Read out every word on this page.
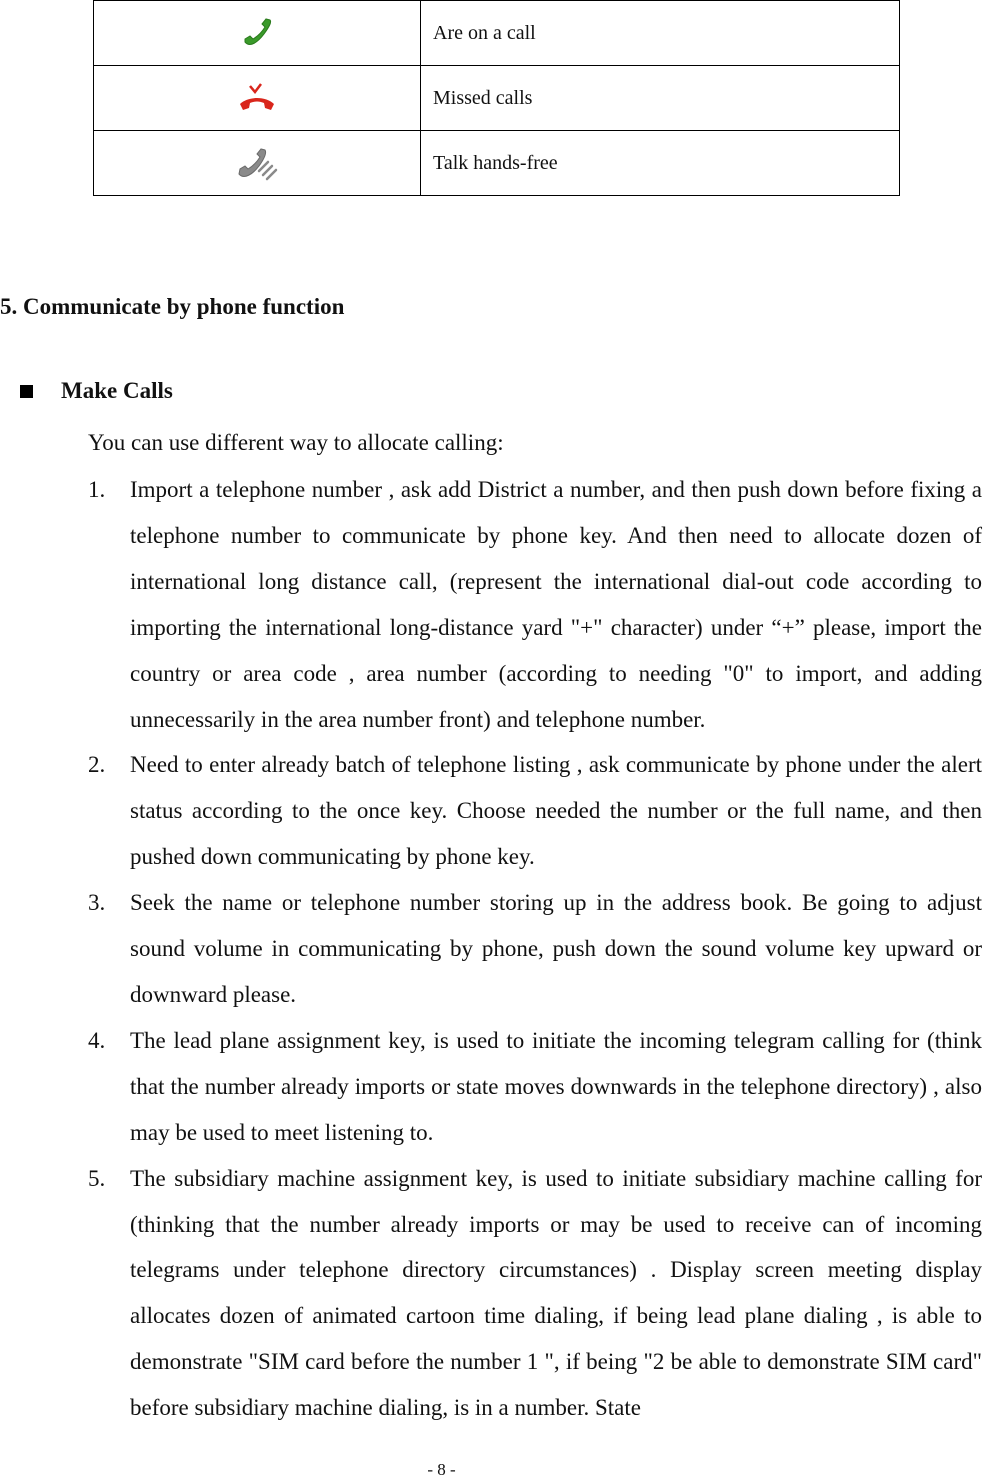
	Are on a call
	Missed calls
	Talk hands-free
5. Communicate by phone function
Make Calls

You can use different way to allocate calling:

1. Import a telephone number , ask add District a number, and then push down before fixing a telephone number to communicate by phone key. And then need to allocate dozen of international long distance call, (represent the international dial-out code according to importing the international long-distance yard "+" character) under “+” please, import the country or area code , area number (according to needing "0" to import, and adding unnecessarily in the area number front) and telephone number.
2. Need to enter already batch of telephone listing , ask communicate by phone under the alert status according to the once key. Choose needed the number or the full name, and then pushed down communicating by phone key.
3. Seek the name or telephone number storing up in the address book. Be going to adjust sound volume in communicating by phone, push down the sound volume key upward or downward please.
4. The lead plane assignment key, is used to initiate the incoming telegram calling for (think that the number already imports or state moves downwards in the telephone directory) , also may be used to meet listening to.
5. The subsidiary machine assignment key, is used to initiate subsidiary machine calling for (thinking that the number already imports or may be used to receive can of incoming telegrams under telephone directory circumstances) . Display screen meeting display allocates dozen of animated cartoon time dialing, if being lead plane dialing , is able to demonstrate "SIM card before the number 1 ", if being "2 be able to demonstrate SIM card" before subsidiary machine dialing, is in a number. State

- 8 -
